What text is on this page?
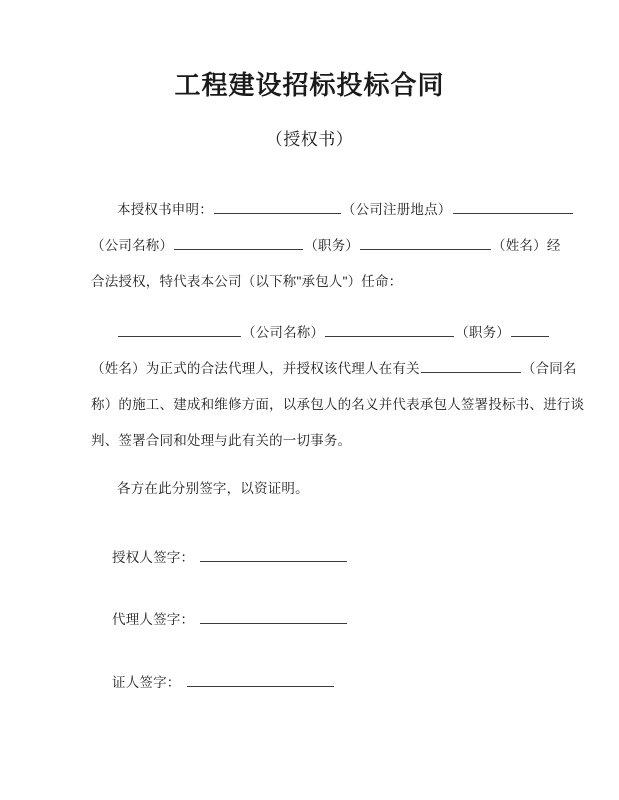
工程建设招标投标合同
（授权书）
本授权书申明：	（公司注册地点）
（公司名称）	（职务）	（姓名）经
合法授权，特代表本公司（以下称"承包人"）任命：
（公司名称）	（职务）
（姓名）为正式的合法代理人，并授权该代理人在有关	（合同名
称）的施工、建成和维修方面，以承包人的名义并代表承包人签署投标书、进行谈
判、签署合同和处理与此有关的一切事务。
各方在此分别签字，以资证明。
授权人签字：
代理人签字：
证人签字：
